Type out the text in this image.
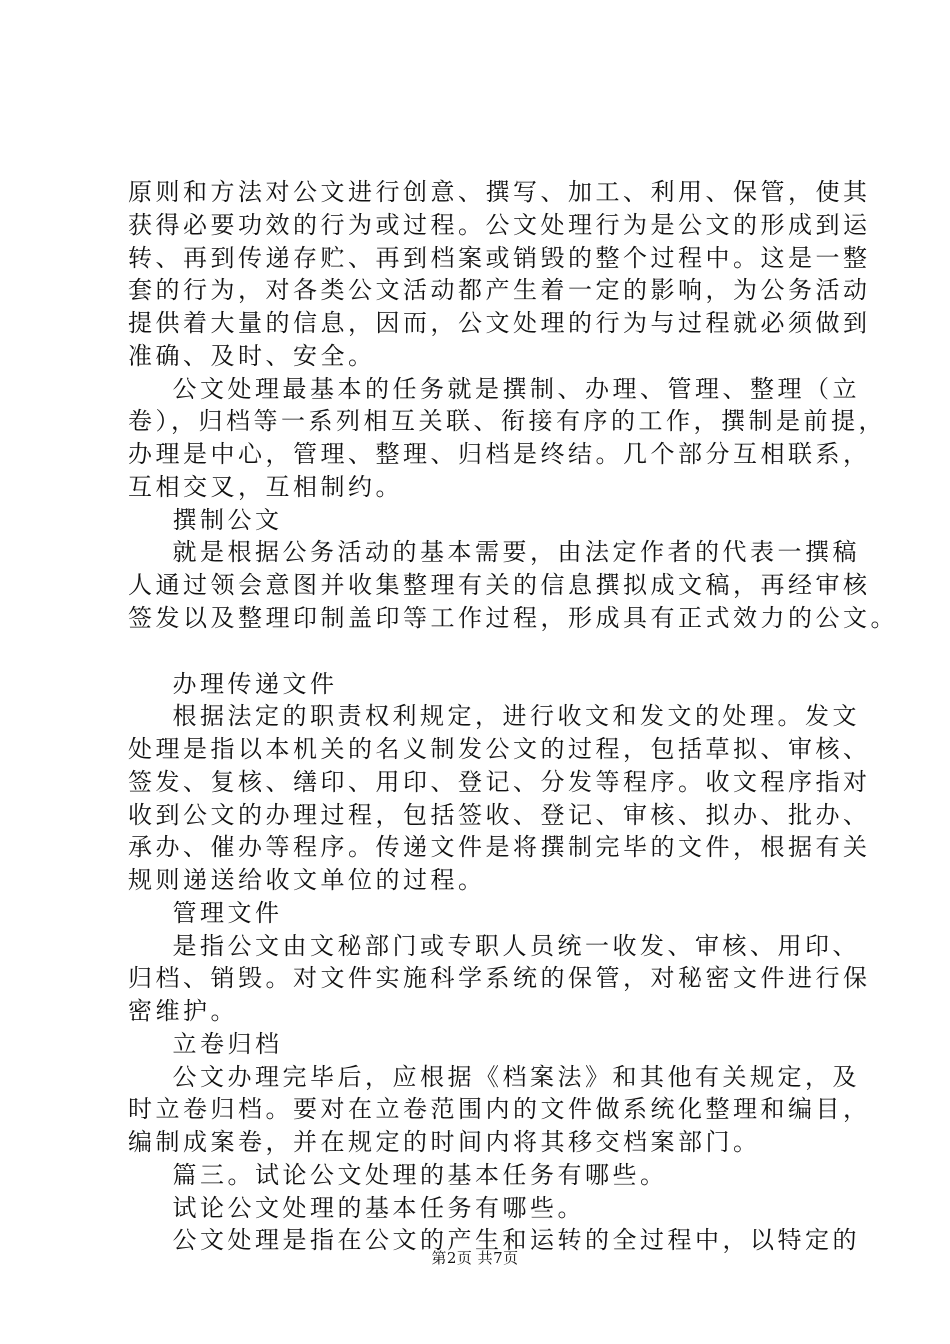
原则和方法对公文进行创意、撰写、加工、利用、保管，使其
获得必要功效的行为或过程。公文处理行为是公文的形成到运
转、再到传递存贮、再到档案或销毁的整个过程中。这是一整
套的行为，对各类公文活动都产生着一定的影响，为公务活动
提供着大量的信息，因而，公文处理的行为与过程就必须做到
准确、及时、安全。
公文处理最基本的任务就是撰制、办理、管理、整理（立
卷），归档等一系列相互关联、衔接有序的工作，撰制是前提，
办理是中心，管理、整理、归档是终结。几个部分互相联系，
互相交叉，互相制约。
撰制公文
就是根据公务活动的基本需要，由法定作者的代表一撰稿
人通过领会意图并收集整理有关的信息撰拟成文稿，再经审核
签发以及整理印制盖印等工作过程，形成具有正式效力的公文。
办理传递文件
根据法定的职责权利规定，进行收文和发文的处理。发文
处理是指以本机关的名义制发公文的过程，包括草拟、审核、
签发、复核、缮印、用印、登记、分发等程序。收文程序指对
收到公文的办理过程，包括签收、登记、审核、拟办、批办、
承办、催办等程序。传递文件是将撰制完毕的文件，根据有关
规则递送给收文单位的过程。
管理文件
是指公文由文秘部门或专职人员统一收发、审核、用印、
归档、销毁。对文件实施科学系统的保管，对秘密文件进行保
密维护。
立卷归档
公文办理完毕后，应根据《档案法》和其他有关规定，及
时立卷归档。要对在立卷范围内的文件做系统化整理和编目，
编制成案卷，并在规定的时间内将其移交档案部门。
篇三。试论公文处理的基本任务有哪些。
试论公文处理的基本任务有哪些。
公文处理是指在公文的产生和运转的全过程中，以特定的
第2页 共7页
